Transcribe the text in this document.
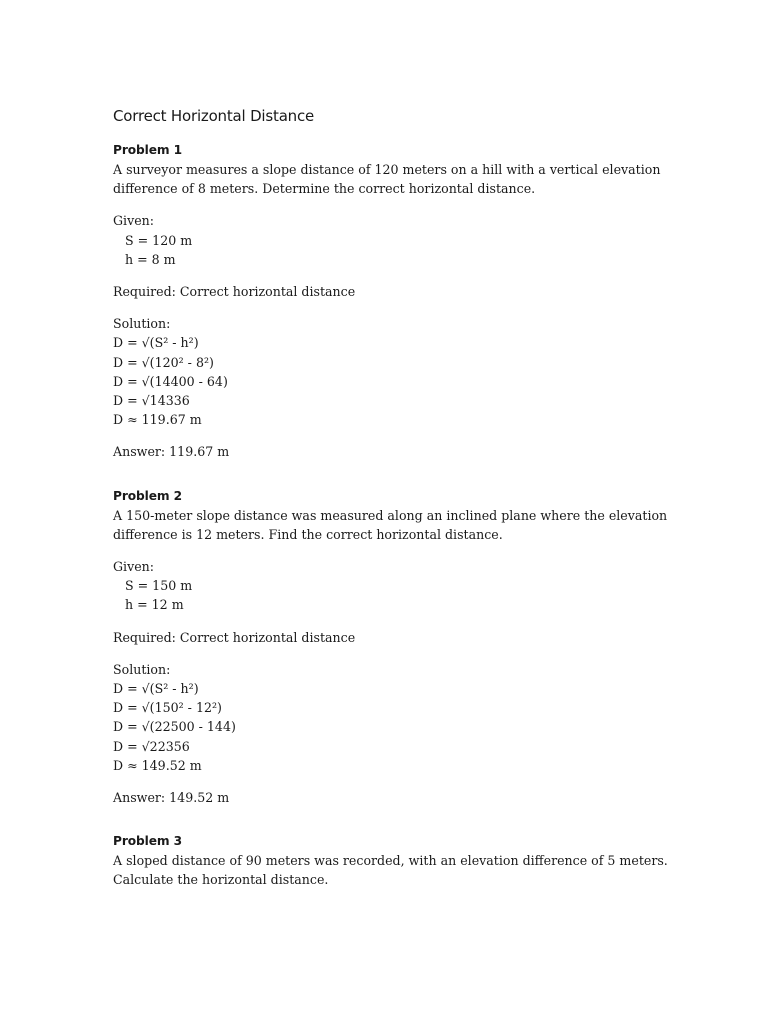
Correct Horizontal Distance
Problem 1
A surveyor measures a slope distance of 120 meters on a hill with a vertical elevation
difference of 8 meters. Determine the correct horizontal distance.
Given:
S = 120 m
h = 8 m
Required: Correct horizontal distance
Solution:
D = √(S² - h²)
D = √(120² - 8²)
D = √(14400 - 64)
D = √14336
D ≈ 119.67 m
Answer: 119.67 m
Problem 2
A 150-meter slope distance was measured along an inclined plane where the elevation
difference is 12 meters. Find the correct horizontal distance.
Given:
S = 150 m
h = 12 m
Required: Correct horizontal distance
Solution:
D = √(S² - h²)
D = √(150² - 12²)
D = √(22500 - 144)
D = √22356
D ≈ 149.52 m
Answer: 149.52 m
Problem 3
A sloped distance of 90 meters was recorded, with an elevation difference of 5 meters.
Calculate the horizontal distance.
